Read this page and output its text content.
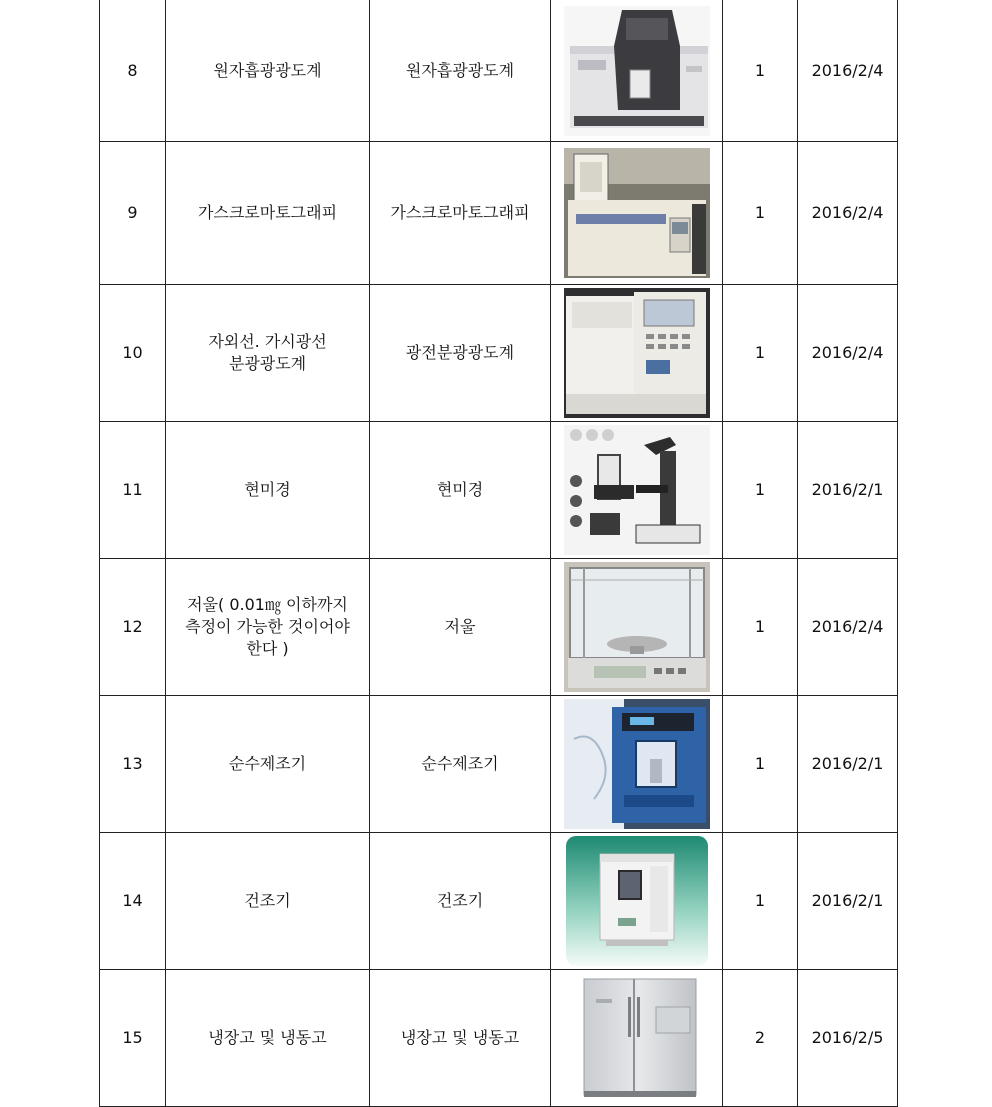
8	원자흡광광도계	원자흡광광도계		1	2016/2/4
9	가스크로마토그래피	가스크로마토그래피		1	2016/2/4
10	자외선. 가시광선
분광광도계	광전분광광도계		1	2016/2/4
11	현미경	현미경		1	2016/2/1
12	저울( 0.01㎎ 이하까지
측정이 가능한 것이어야
한다 )	저울		1	2016/2/4
13	순수제조기	순수제조기		1	2016/2/1
14	건조기	건조기		1	2016/2/1
15	냉장고 및 냉동고	냉장고 및 냉동고		2	2016/2/5
